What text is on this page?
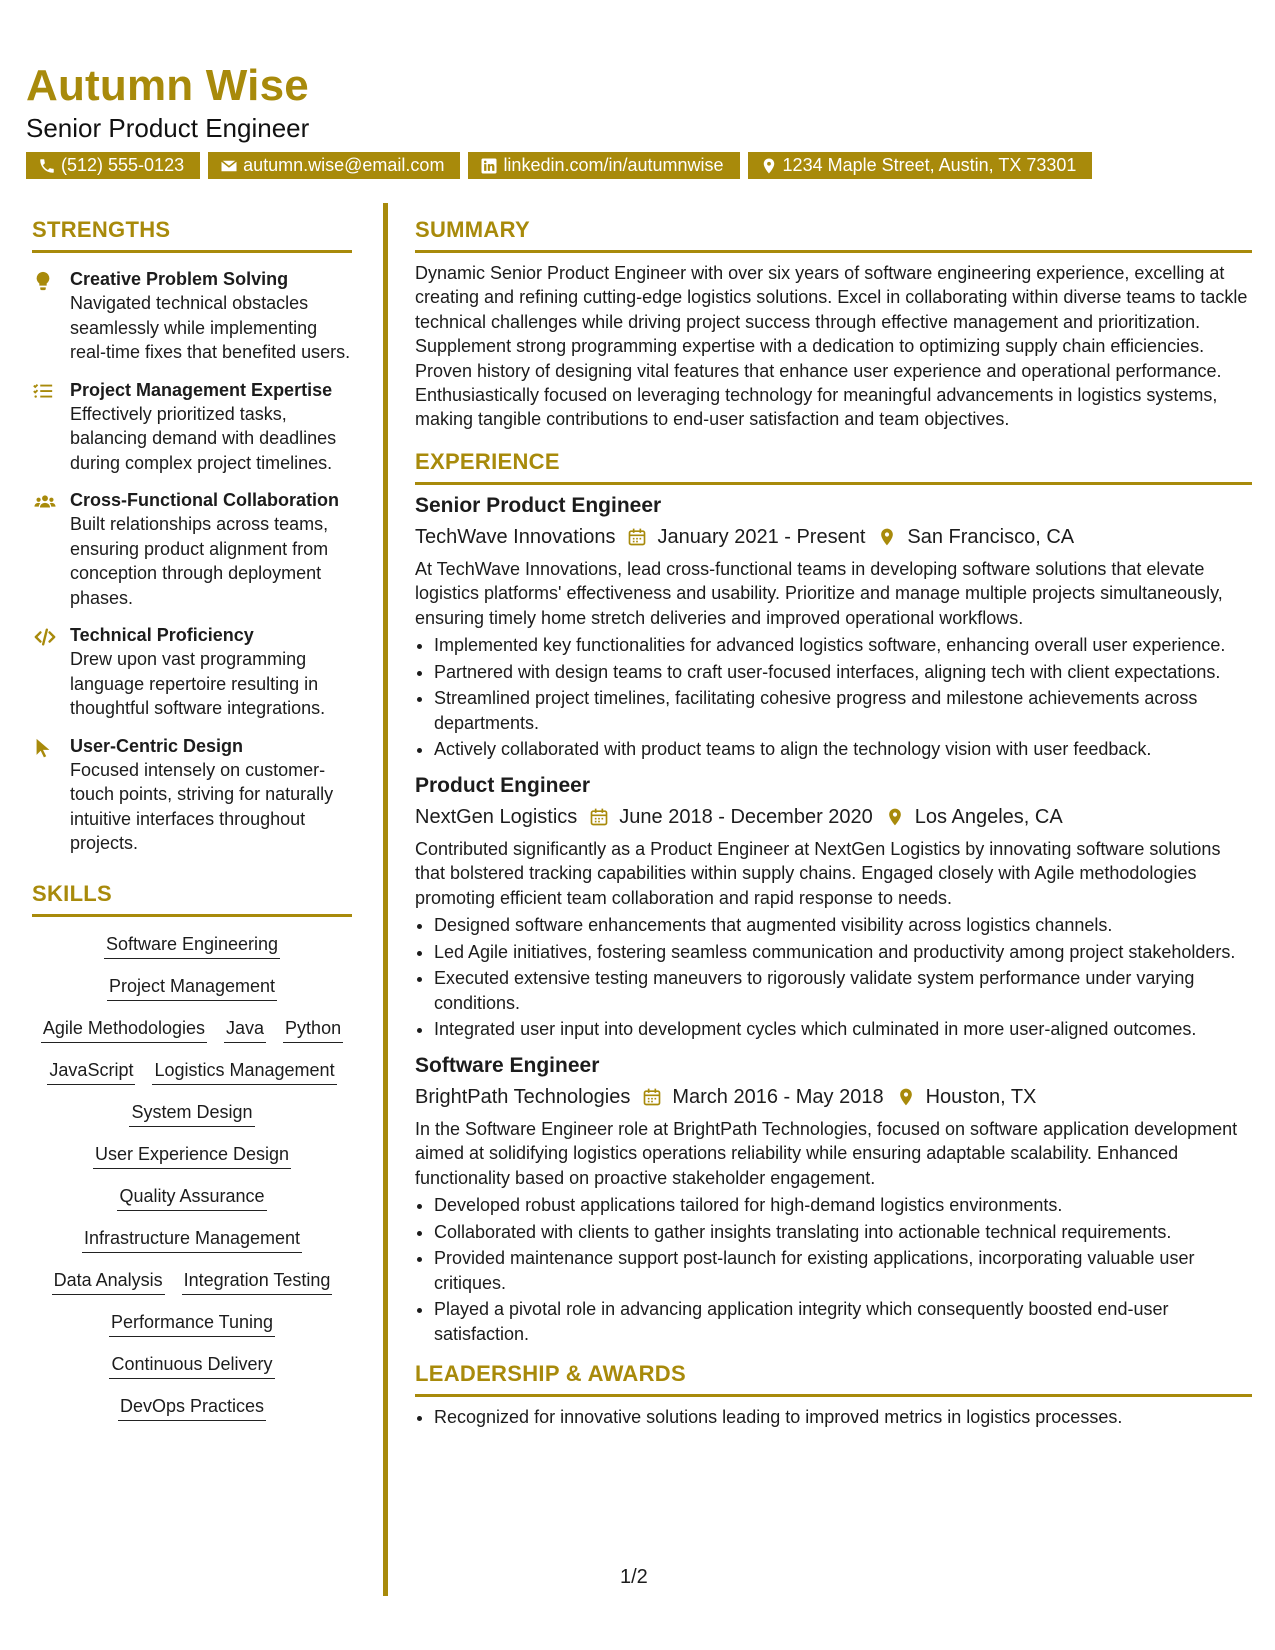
Autumn Wise
Senior Product Engineer
(512) 555-0123	autumn.wise@email.com	linkedin.com/in/autumnwise	1234 Maple Street, Austin, TX 73301
STRENGTHS
Creative Problem Solving
Navigated technical obstacles seamlessly while implementing real-time fixes that benefited users.
Project Management Expertise
Effectively prioritized tasks, balancing demand with deadlines during complex project timelines.
Cross-Functional Collaboration
Built relationships across teams, ensuring product alignment from conception through deployment phases.
Technical Proficiency
Drew upon vast programming language repertoire resulting in thoughtful software integrations.
User-Centric Design
Focused intensely on customer-touch points, striving for naturally intuitive interfaces throughout projects.
SKILLS
Software Engineering
Project Management
Agile Methodologies Java Python
JavaScript Logistics Management
System Design
User Experience Design
Quality Assurance
Infrastructure Management
Data Analysis Integration Testing
Performance Tuning
Continuous Delivery
DevOps Practices
SUMMARY
Dynamic Senior Product Engineer with over six years of software engineering experience, excelling at creating and refining cutting-edge logistics solutions. Excel in collaborating within diverse teams to tackle technical challenges while driving project success through effective management and prioritization. Supplement strong programming expertise with a dedication to optimizing supply chain efficiencies. Proven history of designing vital features that enhance user experience and operational performance. Enthusiastically focused on leveraging technology for meaningful advancements in logistics systems, making tangible contributions to end-user satisfaction and team objectives.
EXPERIENCE
Senior Product Engineer
TechWave Innovations January 2021 - Present San Francisco, CA
At TechWave Innovations, lead cross-functional teams in developing software solutions that elevate logistics platforms' effectiveness and usability. Prioritize and manage multiple projects simultaneously, ensuring timely home stretch deliveries and improved operational workflows.
• Implemented key functionalities for advanced logistics software, enhancing overall user experience.
• Partnered with design teams to craft user-focused interfaces, aligning tech with client expectations.
• Streamlined project timelines, facilitating cohesive progress and milestone achievements across departments.
• Actively collaborated with product teams to align the technology vision with user feedback.
Product Engineer
NextGen Logistics June 2018 - December 2020 Los Angeles, CA
Contributed significantly as a Product Engineer at NextGen Logistics by innovating software solutions that bolstered tracking capabilities within supply chains. Engaged closely with Agile methodologies promoting efficient team collaboration and rapid response to needs.
• Designed software enhancements that augmented visibility across logistics channels.
• Led Agile initiatives, fostering seamless communication and productivity among project stakeholders.
• Executed extensive testing maneuvers to rigorously validate system performance under varying conditions.
• Integrated user input into development cycles which culminated in more user-aligned outcomes.
Software Engineer
BrightPath Technologies March 2016 - May 2018 Houston, TX
In the Software Engineer role at BrightPath Technologies, focused on software application development aimed at solidifying logistics operations reliability while ensuring adaptable scalability. Enhanced functionality based on proactive stakeholder engagement.
• Developed robust applications tailored for high-demand logistics environments.
• Collaborated with clients to gather insights translating into actionable technical requirements.
• Provided maintenance support post-launch for existing applications, incorporating valuable user critiques.
• Played a pivotal role in advancing application integrity which consequently boosted end-user satisfaction.
LEADERSHIP & AWARDS
• Recognized for innovative solutions leading to improved metrics in logistics processes.
1/2
